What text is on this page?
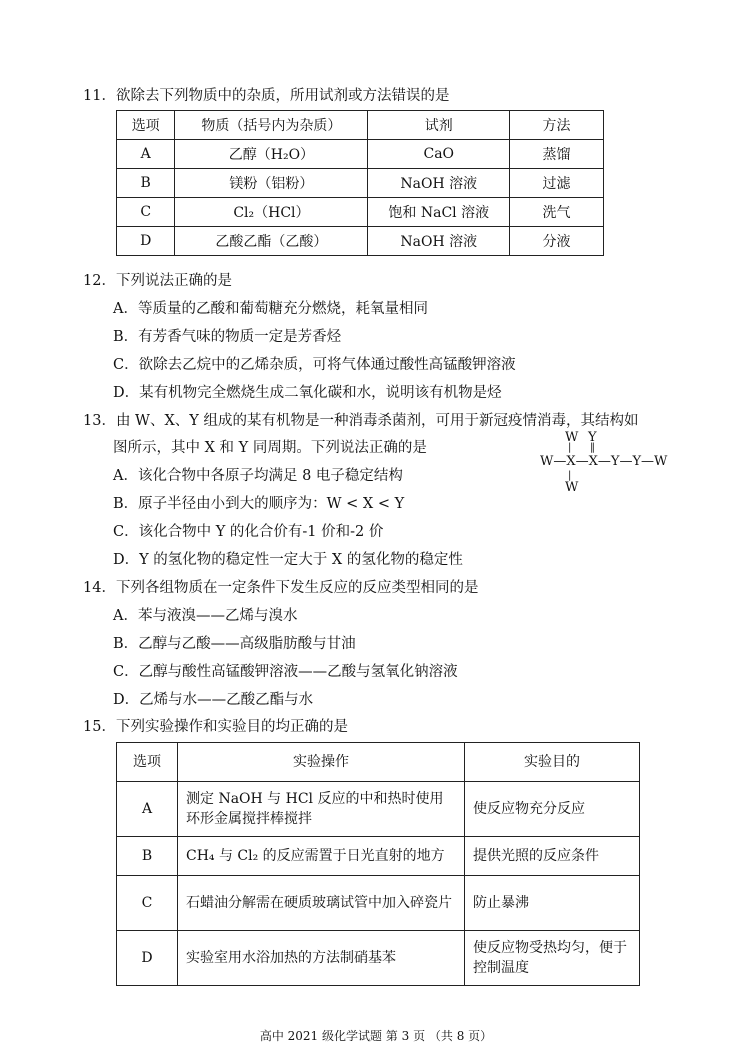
11．欲除去下列物质中的杂质，所用试剂或方法错误的是
选项	物质（括号内为杂质）	试剂	方法
A	乙醇（H₂O）	CaO	蒸馏
B	镁粉（铝粉）	NaOH 溶液	过滤
C	Cl₂（HCl）	饱和 NaCl 溶液	洗气
D	乙酸乙酯（乙酸）	NaOH 溶液	分液
12．下列说法正确的是
A．等质量的乙酸和葡萄糖充分燃烧，耗氧量相同
B．有芳香气味的物质一定是芳香烃
C．欲除去乙烷中的乙烯杂质，可将气体通过酸性高锰酸钾溶液
D．某有机物完全燃烧生成二氧化碳和水，说明该有机物是烃
13．由 W、X、Y 组成的某有机物是一种消毒杀菌剂，可用于新冠疫情消毒，其结构如
图所示，其中 X 和 Y 同周期。下列说法正确的是
A．该化合物中各原子均满足 8 电子稳定结构
B．原子半径由小到大的顺序为：W < X < Y
C．该化合物中 Y 的化合价有-1 价和-2 价
D．Y 的氢化物的稳定性一定大于 X 的氢化物的稳定性
W Y
| ‖
W—X—X—Y—Y—W
|
W
14．下列各组物质在一定条件下发生反应的反应类型相同的是
A．苯与液溴——乙烯与溴水
B．乙醇与乙酸——高级脂肪酸与甘油
C．乙醇与酸性高锰酸钾溶液——乙酸与氢氧化钠溶液
D．乙烯与水——乙酸乙酯与水
15．下列实验操作和实验目的均正确的是
选项	实验操作	实验目的
A	测定 NaOH 与 HCl 反应的中和热时使用环形金属搅拌棒搅拌	使反应物充分反应
B	CH₄ 与 Cl₂ 的反应需置于日光直射的地方	提供光照的反应条件
C	石蜡油分解需在硬质玻璃试管中加入碎瓷片	防止暴沸
D	实验室用水浴加热的方法制硝基苯	使反应物受热均匀，便于控制温度
高中 2021 级化学试题 第 3 页 （共 8 页）
